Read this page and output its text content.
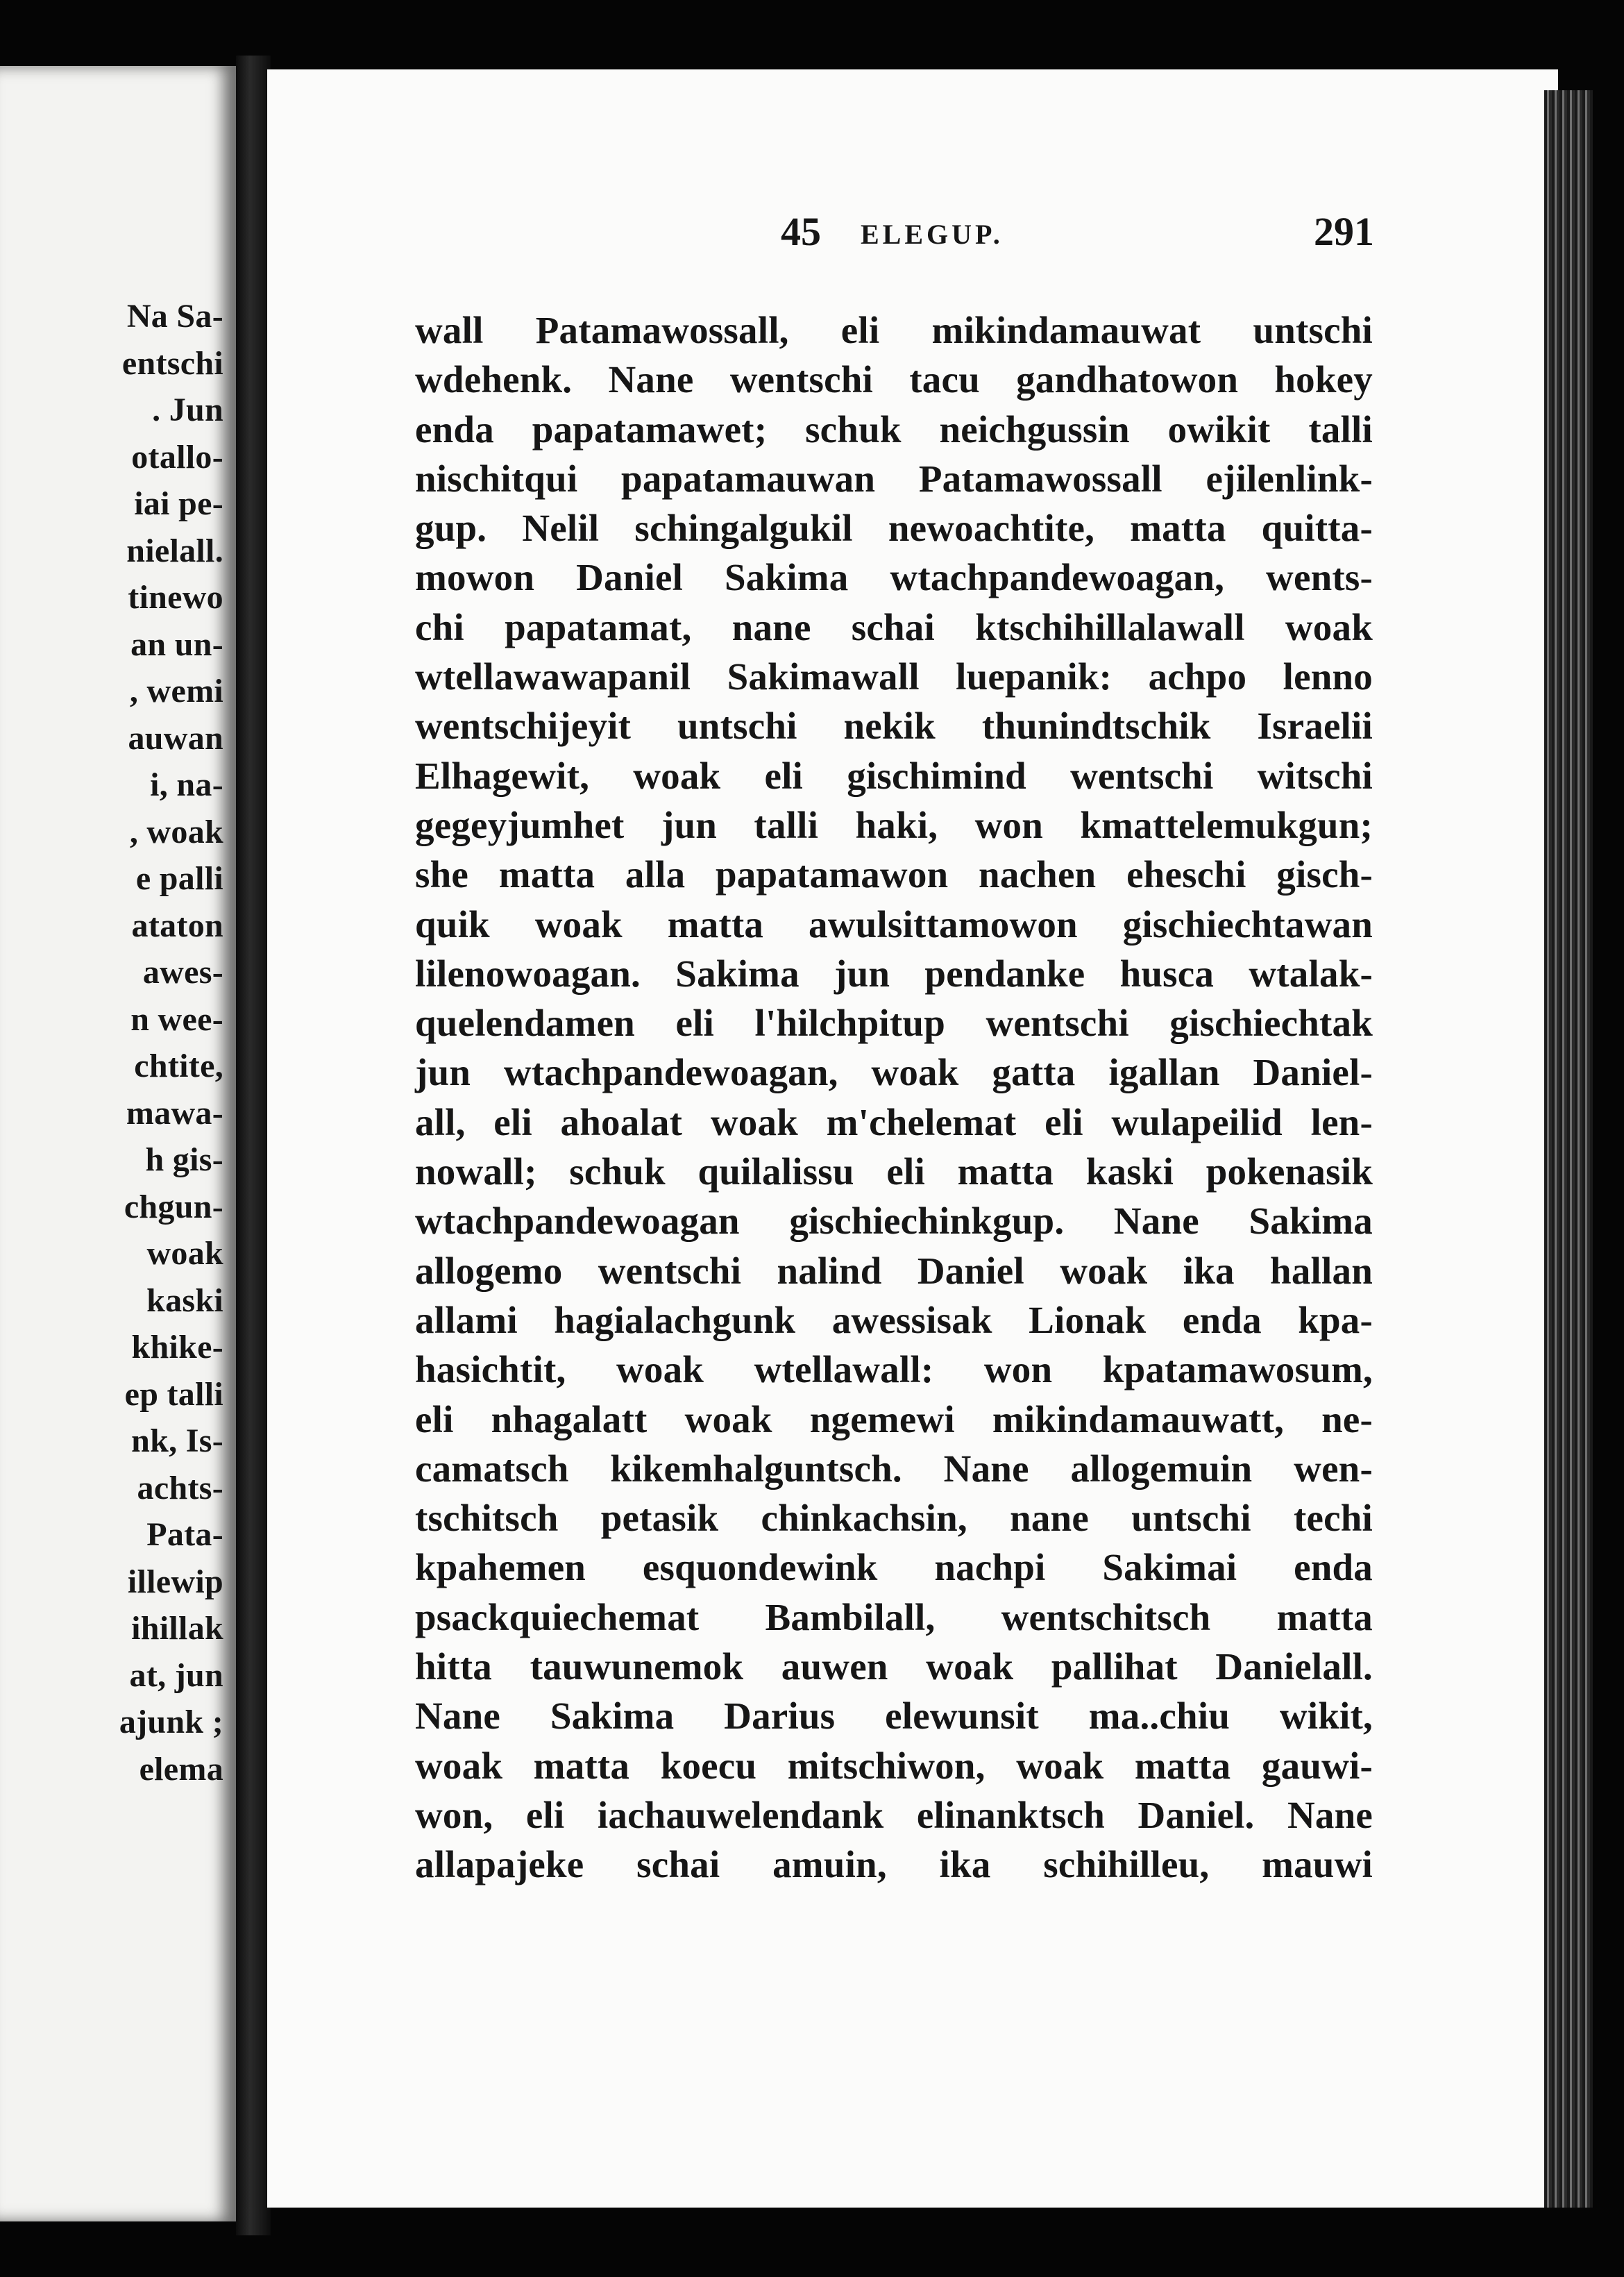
Na Sa-
entschi
. Jun
otallo-
iai pe-
nielall.
tinewo
an un-
, wemi
auwan
i, na-
, woak
e palli
ataton
awes-
n wee-
chtite,
mawa-
h gis-
chgun-
woak
kaski
khike-
ep talli
nk, Is-
achts-
Pata-
illewip
ihillak
at, jun
ajunk ;
elema
45 ELEGUP.	291
wall Patamawossall, eli mikindamauwat untschi
wdehenk. Nane wentschi tacu gandhatowon hokey
enda papatamawet; schuk neichgussin owikit talli
nischitqui papatamauwan Patamawossall ejilenlink-
gup. Nelil schingalgukil newoachtite, matta quitta-
mowon Daniel Sakima wtachpandewoagan, wents-
chi papatamat, nane schai ktschihillalawall woak
wtellawawapanil Sakimawall luepanik: achpo lenno
wentschijeyit untschi nekik thunindtschik Israelii
Elhagewit, woak eli gischimind wentschi witschi
gegeyjumhet jun talli haki, won kmattelemukgun;
she matta alla papatamawon nachen eheschi gisch-
quik woak matta awulsittamowon gischiechtawan
lilenowoagan. Sakima jun pendanke husca wtalak-
quelendamen eli l'hilchpitup wentschi gischiechtak
jun wtachpandewoagan, woak gatta igallan Daniel-
all, eli ahoalat woak m'chelemat eli wulapeilid len-
nowall; schuk quilalissu eli matta kaski pokenasik
wtachpandewoagan gischiechinkgup. Nane Sakima
allogemo wentschi nalind Daniel woak ika hallan
allami hagialachgunk awessisak Lionak enda kpa-
hasichtit, woak wtellawall: won kpatamawosum,
eli nhagalatt woak ngemewi mikindamauwatt, ne-
camatsch kikemhalguntsch. Nane allogemuin wen-
tschitsch petasik chinkachsin, nane untschi techi
kpahemen esquondewink nachpi Sakimai enda
psackquiechemat Bambilall, wentschitsch matta
hitta tauwunemok auwen woak pallihat Danielall.
Nane Sakima Darius elewunsit ma..chiu wikit,
woak matta koecu mitschiwon, woak matta gauwi-
won, eli iachauwelendank elinanktsch Daniel. Nane
allapajeke schai amuin, ika schihilleu, mauwi
